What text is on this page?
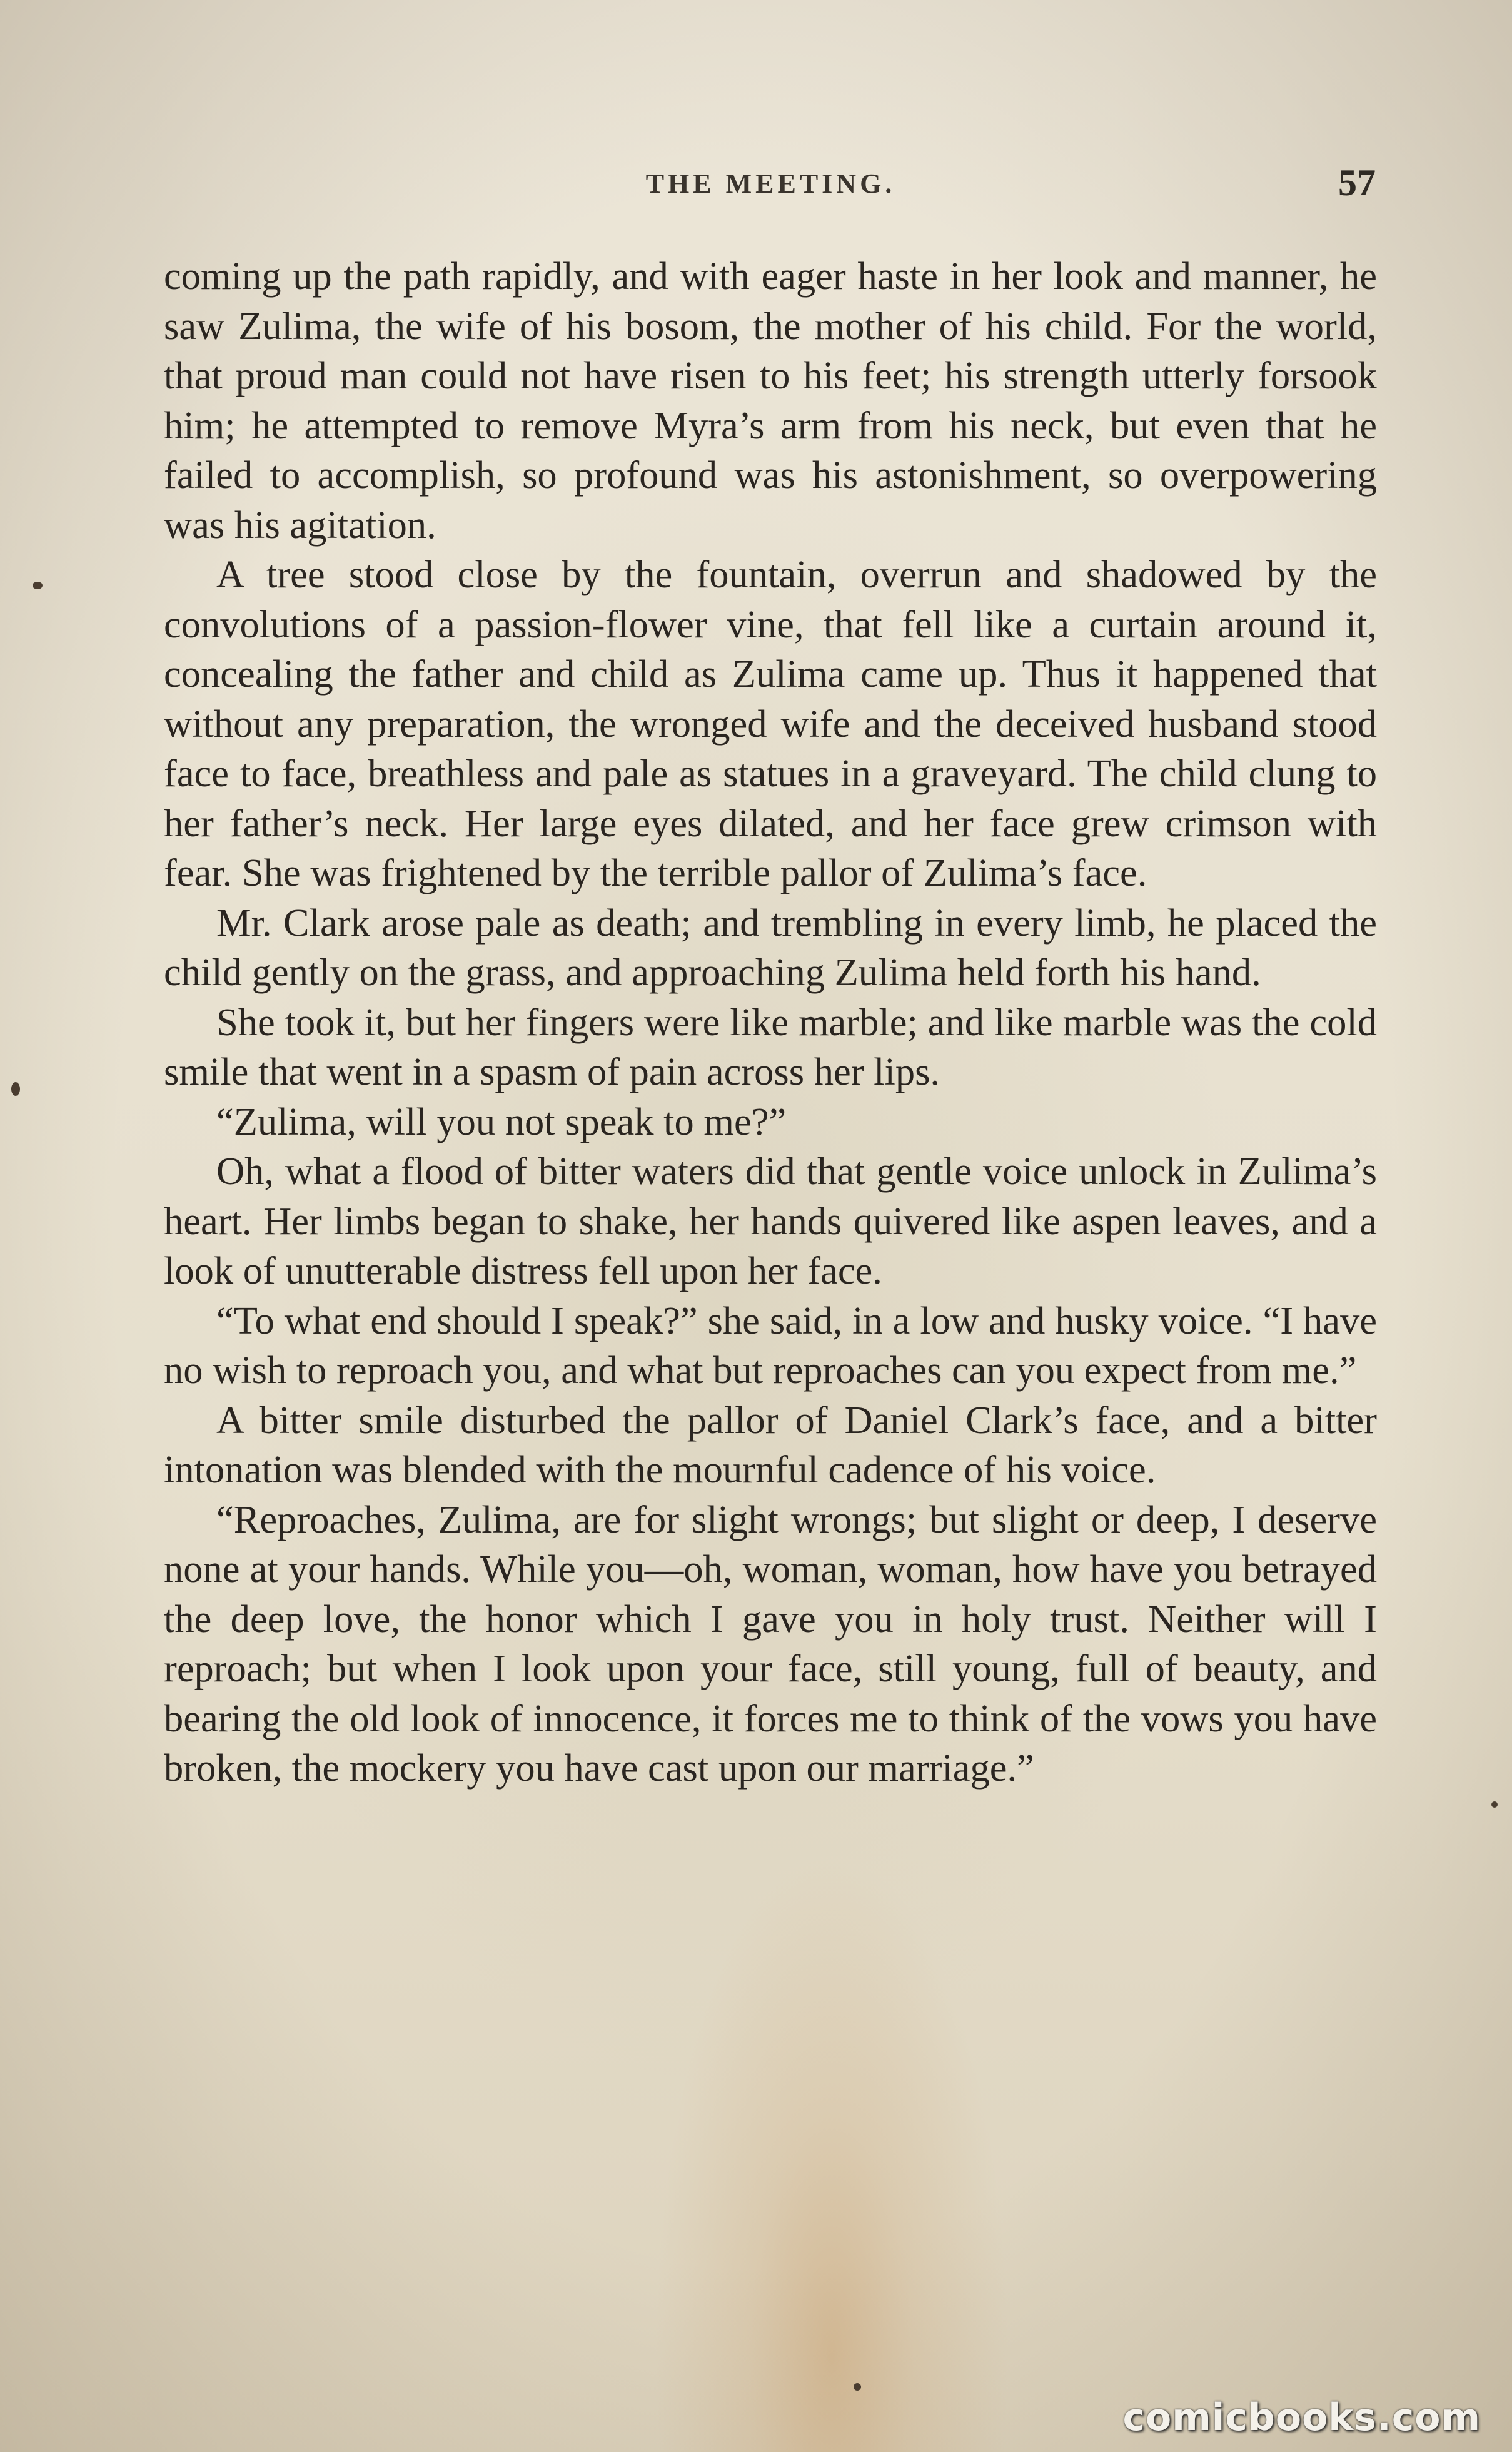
THE MEETING.	57

coming up the path rapidly, and with eager haste in her look and manner, he saw Zulima, the wife of his bosom, the mother of his child. For the world, that proud man could not have risen to his feet; his strength utterly forsook him; he attempted to remove Myra’s arm from his neck, but even that he failed to accomplish, so profound was his astonishment, so overpowering was his agitation.

A tree stood close by the fountain, overrun and shadowed by the convolutions of a passion-flower vine, that fell like a curtain around it, concealing the father and child as Zulima came up. Thus it happened that without any preparation, the wronged wife and the deceived husband stood face to face, breathless and pale as statues in a graveyard. The child clung to her father’s neck. Her large eyes dilated, and her face grew crimson with fear. She was frightened by the terrible pallor of Zulima’s face.

Mr. Clark arose pale as death; and trembling in every limb, he placed the child gently on the grass, and approaching Zulima held forth his hand.

She took it, but her fingers were like marble; and like marble was the cold smile that went in a spasm of pain across her lips.

“Zulima, will you not speak to me?”

Oh, what a flood of bitter waters did that gentle voice unlock in Zulima’s heart. Her limbs began to shake, her hands quivered like aspen leaves, and a look of unutterable distress fell upon her face.

“To what end should I speak?” she said, in a low and husky voice. “I have no wish to reproach you, and what but reproaches can you expect from me.”

A bitter smile disturbed the pallor of Daniel Clark’s face, and a bitter intonation was blended with the mournful cadence of his voice.

“Reproaches, Zulima, are for slight wrongs; but slight or deep, I deserve none at your hands. While you—oh, woman, woman, how have you betrayed the deep love, the honor which I gave you in holy trust. Neither will I reproach; but when I look upon your face, still young, full of beauty, and bearing the old look of innocence, it forces me to think of the vows you have broken, the mockery you have cast upon our marriage.”

comicbooks.com
